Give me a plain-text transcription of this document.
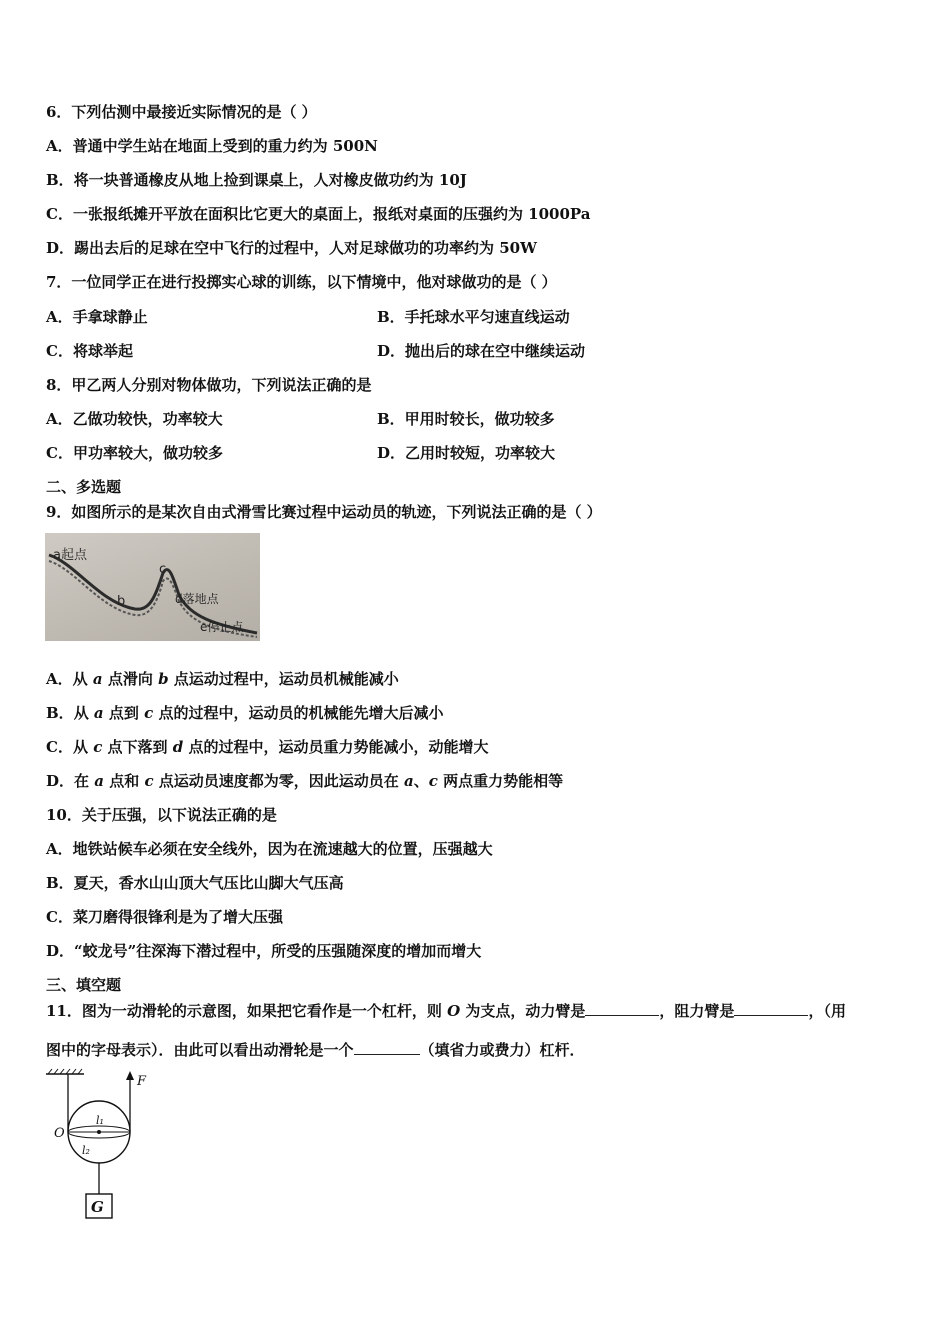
6．下列估测中最接近实际情况的是（ ）
A．普通中学生站在地面上受到的重力约为 500N
B．将一块普通橡皮从地上捡到课桌上，人对橡皮做功约为 10J
C．一张报纸摊开平放在面积比它更大的桌面上，报纸对桌面的压强约为 1000Pa
D．踢出去后的足球在空中飞行的过程中，人对足球做功的功率约为 50W
7．一位同学正在进行投掷实心球的训练，以下情境中，他对球做功的是（ ）
A．手拿球静止	B．手托球水平匀速直线运动
C．将球举起	D．抛出后的球在空中继续运动
8．甲乙两人分别对物体做功，下列说法正确的是
A．乙做功较快，功率较大	B．甲用时较长，做功较多
C．甲功率较大，做功较多	D．乙用时较短，功率较大
二、多选题
9．如图所示的是某次自由式滑雪比赛过程中运动员的轨迹，下列说法正确的是（ ）
a起点
b
c
d落地点
e停止点
A．从 a 点滑向 b 点运动过程中，运动员机械能减小
B．从 a 点到 c 点的过程中，运动员的机械能先增大后减小
C．从 c 点下落到 d 点的过程中，运动员重力势能减小，动能增大
D．在 a 点和 c 点运动员速度都为零，因此运动员在 a、c 两点重力势能相等
10．关于压强，以下说法正确的是
A．地铁站候车必须在安全线外，因为在流速越大的位置，压强越大
B．夏天，香水山山顶大气压比山脚大气压高
C．菜刀磨得很锋利是为了增大压强
D．“蛟龙号”往深海下潜过程中，所受的压强随深度的增加而增大
三、填空题
11．图为一动滑轮的示意图，如果把它看作是一个杠杆，则 O 为支点，动力臂是	，阻力臂是	，（用
图中的字母表示）．由此可以看出动滑轮是一个	（填省力或费力）杠杆．
F
O
l₁
l₂
G
